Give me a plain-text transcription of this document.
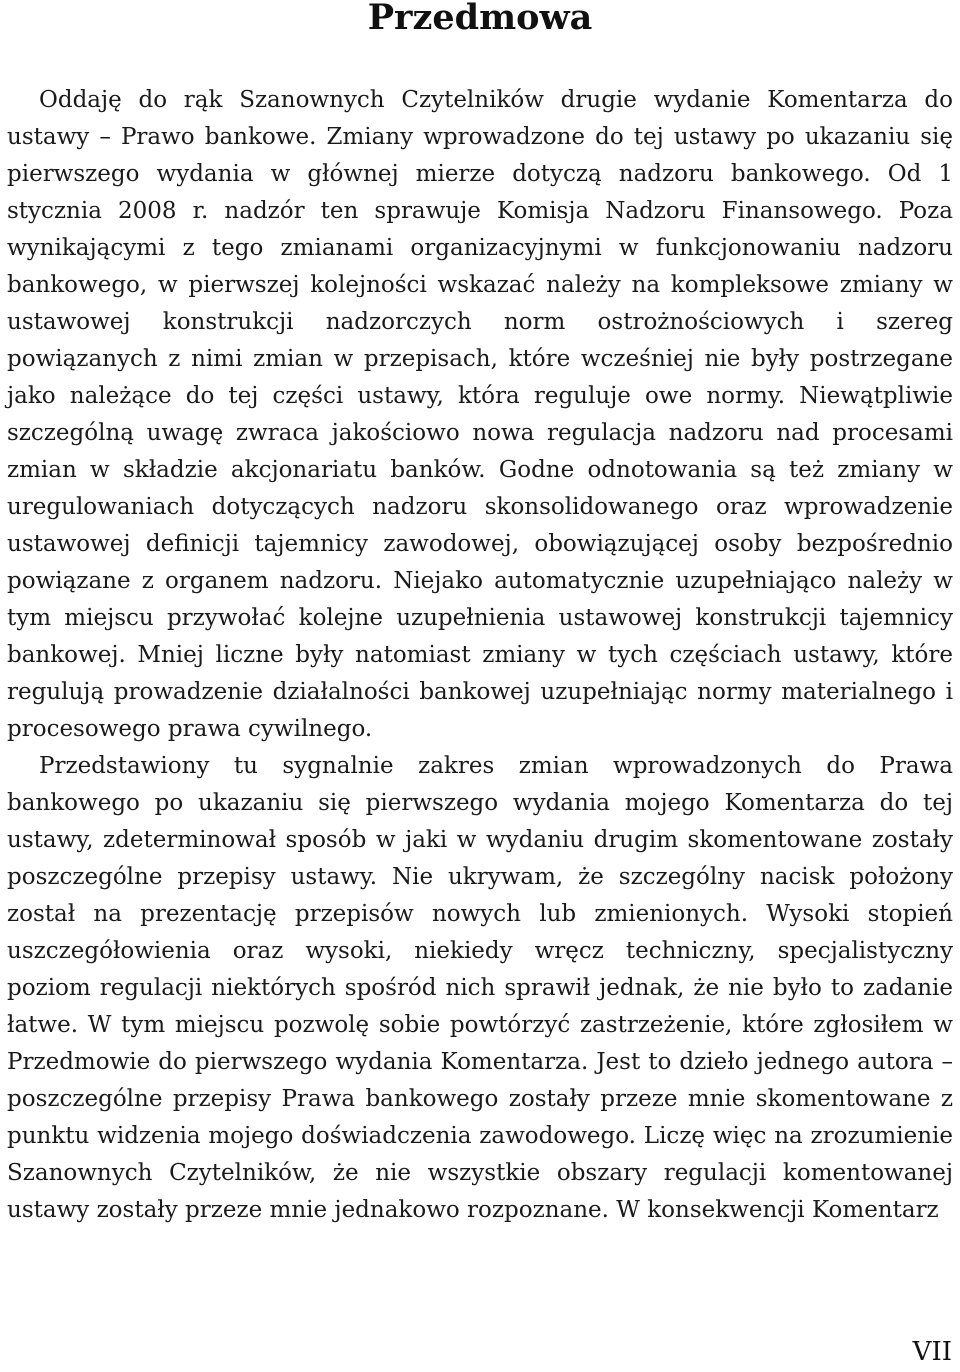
Przedmowa

Oddaję do rąk Szanownych Czytelników drugie wydanie Komentarza do ustawy – Prawo bankowe. Zmiany wprowadzone do tej ustawy po ukazaniu się pierwszego wydania w głównej mierze dotyczą nadzoru bankowego. Od 1 stycznia 2008 r. nadzór ten sprawuje Komisja Nadzoru Finansowego. Poza wynikającymi z tego zmianami organizacyjnymi w funkcjonowaniu nadzoru bankowego, w pierwszej kolejności wskazać należy na kompleksowe zmiany w ustawowej konstrukcji nadzorczych norm ostrożnościowych i szereg powiązanych z nimi zmian w przepisach, które wcześniej nie były postrzegane jako należące do tej części ustawy, która reguluje owe normy. Niewątpliwie szczególną uwagę zwraca jakościowo nowa regulacja nadzoru nad procesami zmian w składzie akcjonariatu banków. Godne odnotowania są też zmiany w uregulowaniach dotyczących nadzoru skonsolidowanego oraz wprowadzenie ustawowej definicji tajemnicy zawodowej, obowiązującej osoby bezpośrednio powiązane z organem nadzoru. Niejako automatycznie uzupełniająco należy w tym miejscu przywołać kolejne uzupełnienia ustawowej konstrukcji tajemnicy bankowej. Mniej liczne były natomiast zmiany w tych częściach ustawy, które regulują prowadzenie działalności bankowej uzupełniając normy materialnego i procesowego prawa cywilnego.

Przedstawiony tu sygnalnie zakres zmian wprowadzonych do Prawa bankowego po ukazaniu się pierwszego wydania mojego Komentarza do tej ustawy, zdeterminował sposób w jaki w wydaniu drugim skomentowane zostały poszczególne przepisy ustawy. Nie ukrywam, że szczególny nacisk położony został na prezentację przepisów nowych lub zmienionych. Wysoki stopień uszczegółowienia oraz wysoki, niekiedy wręcz techniczny, specjalistyczny poziom regulacji niektórych spośród nich sprawił jednak, że nie było to zadanie łatwe. W tym miejscu pozwolę sobie powtórzyć zastrzeżenie, które zgłosiłem w Przedmowie do pierwszego wydania Komentarza. Jest to dzieło jednego autora – poszczególne przepisy Prawa bankowego zostały przeze mnie skomentowane z punktu widzenia mojego doświadczenia zawodowego. Liczę więc na zrozumienie Szanownych Czytelników, że nie wszystkie obszary regulacji komentowanej ustawy zostały przeze mnie jednakowo rozpoznane. W konsekwencji Komentarz

VII
